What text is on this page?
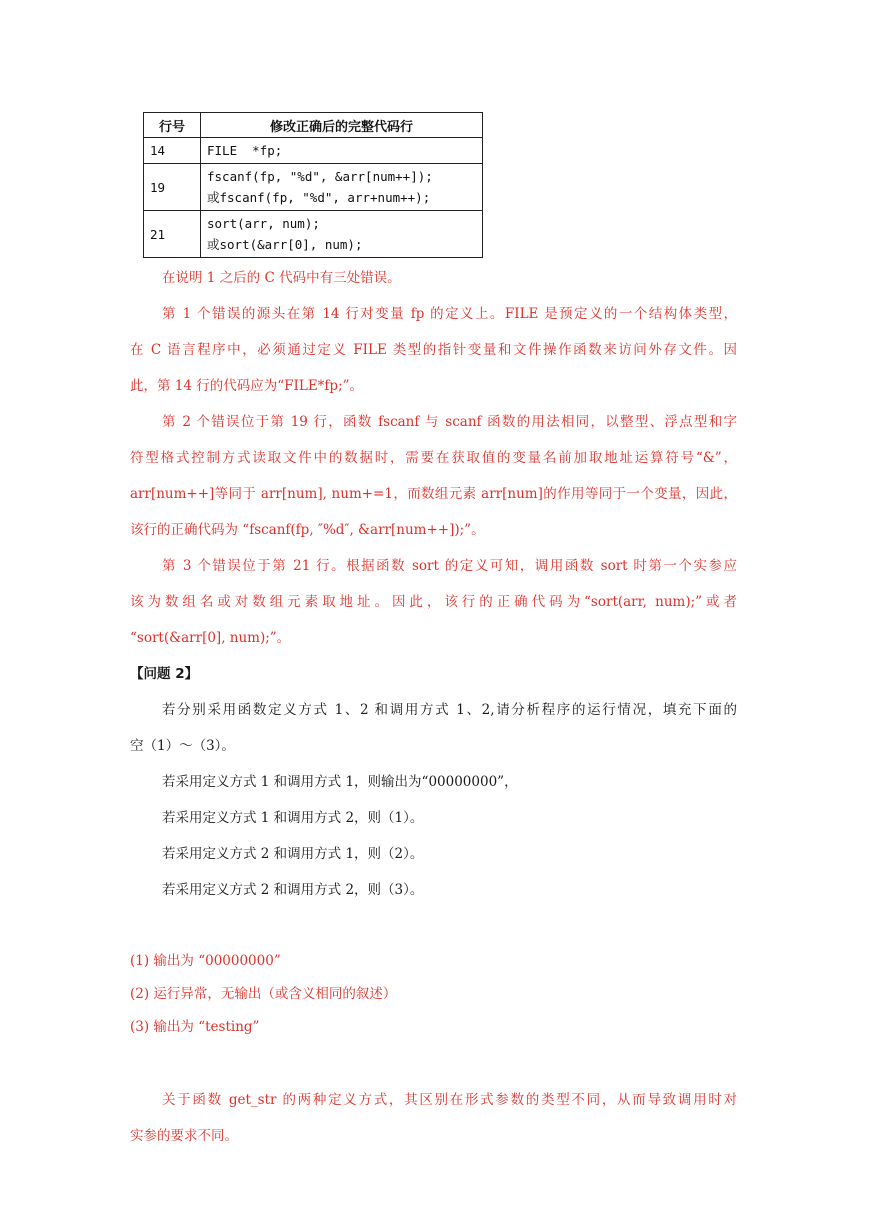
行号	修改正确后的完整代码行
14	FILE  *fp;
19	fscanf(fp, "%d", &arr[num++]);
或fscanf(fp, "%d", arr+num++);
21	sort(arr, num);
或sort(&arr[0], num);
在说明 1 之后的 C 代码中有三处错误。
第 1 个错误的源头在第 14 行对变量 fp 的定义上。FILE 是预定义的一个结构体类型，
在 C 语言程序中，必须通过定义 FILE 类型的指针变量和文件操作函数来访问外存文件。因
此，第 14 行的代码应为“FILE*fp;”。
第 2 个错误位于第 19 行，函数 fscanf 与 scanf 函数的用法相同，以整型、浮点型和字
符型格式控制方式读取文件中的数据时，需要在获取值的变量名前加取地址运算符号“&”，
arr[num++]等同于 arr[num], num+=1，而数组元素 arr[num]的作用等同于一个变量，因此，
该行的正确代码为 “fscanf(fp, ″%d″, &arr[num++]);”。
第 3 个错误位于第 21 行。根据函数 sort 的定义可知，调用函数 sort 时第一个实参应
该为数组名或对数组元素取地址。因此，该行的正确代码为“sort(arr, num);”或者
“sort(&arr[0], num);”。
【问题 2】
若分别采用函数定义方式 1、2 和调用方式 1、2,请分析程序的运行情况，填充下面的
空（1）～（3）。
若采用定义方式 1 和调用方式 1，则输出为“00000000”，
若采用定义方式 1 和调用方式 2，则（1）。
若采用定义方式 2 和调用方式 1，则（2）。
若采用定义方式 2 和调用方式 2，则（3）。
(1) 输出为 “00000000”
(2) 运行异常，无输出（或含义相同的叙述）
(3) 输出为 “testing”
关于函数 get_str 的两种定义方式，其区别在形式参数的类型不同，从而导致调用时对
实参的要求不同。
